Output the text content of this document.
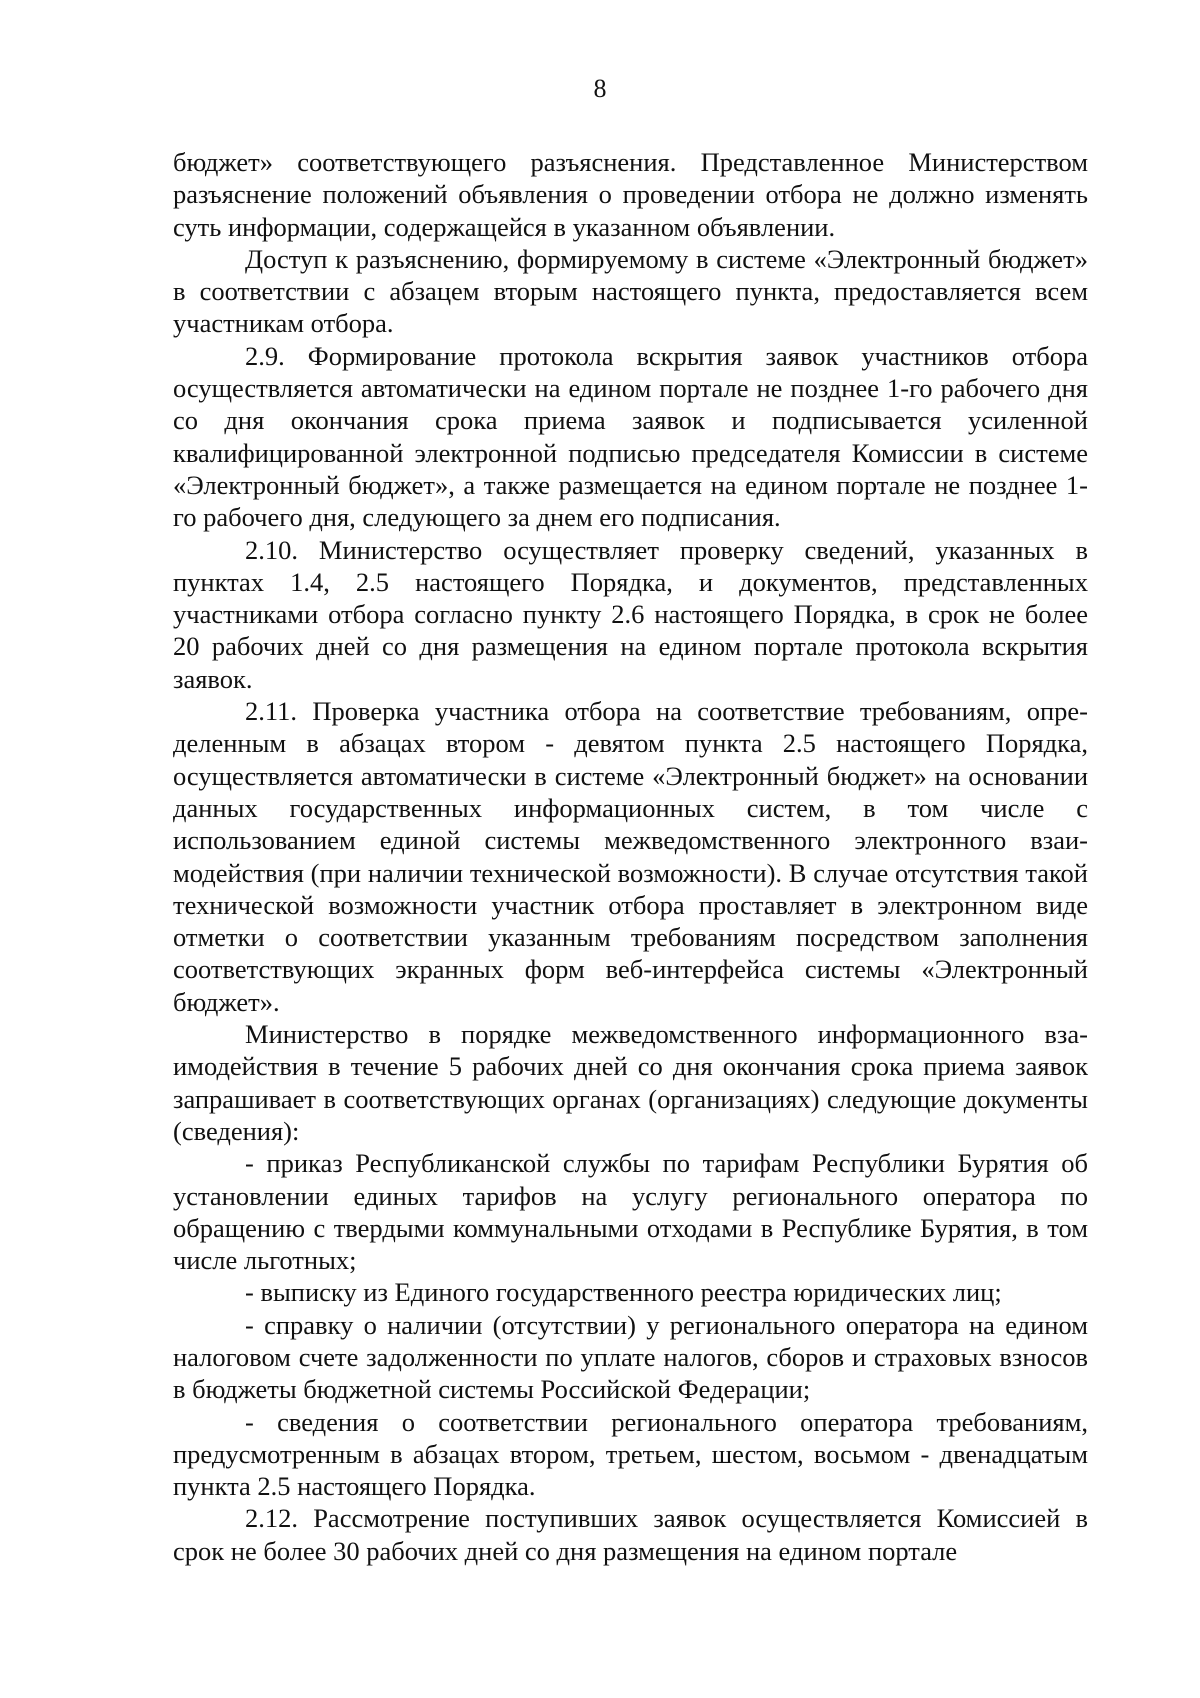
8

бюджет» соответствующего разъяснения. Представленное Министерством разъяснение положений объявления о проведении отбора не должно изменять суть информации, содержащейся в указанном объявлении.

Доступ к разъяснению, формируемому в системе «Электронный бюджет» в соответствии с абзацем вторым настоящего пункта, предоставляется всем участникам отбора.

2.9. Формирование протокола вскрытия заявок участников отбора осуществляется автоматически на едином портале не позднее 1-го рабочего дня со дня окончания срока приема заявок и подписывается усиленной квалифицированной электронной подписью председателя Комиссии в системе «Электронный бюджет», а также размещается на едином портале не позднее 1-го рабочего дня, следующего за днем его подписания.

2.10. Министерство осуществляет проверку сведений, указанных в пунктах 1.4, 2.5 настоящего Порядка, и документов, представленных участниками отбора согласно пункту 2.6 настоящего Порядка, в срок не более 20 рабочих дней со дня размещения на едином портале протокола вскрытия заявок.

2.11. Проверка участника отбора на соответствие требованиям, определенным в абзацах втором - девятом пункта 2.5 настоящего Порядка, осуществляется автоматически в системе «Электронный бюджет» на основании данных государственных информационных систем, в том числе с использованием единой системы межведомственного электронного взаимодействия (при наличии технической возможности). В случае отсутствия такой технической возможности участник отбора проставляет в электронном виде отметки о соответствии указанным требованиям посредством заполнения соответствующих экранных форм веб-интерфейса системы «Электронный бюджет».

Министерство в порядке межведомственного информационного взаимодействия в течение 5 рабочих дней со дня окончания срока приема заявок запрашивает в соответствующих органах (организациях) следующие документы (сведения):

- приказ Республиканской службы по тарифам Республики Бурятия об установлении единых тарифов на услугу регионального оператора по обращению с твердыми коммунальными отходами в Республике Бурятия, в том числе льготных;

- выписку из Единого государственного реестра юридических лиц;

- справку о наличии (отсутствии) у регионального оператора на едином налоговом счете задолженности по уплате налогов, сборов и страховых взносов в бюджеты бюджетной системы Российской Федерации;

- сведения о соответствии регионального оператора требованиям, предусмотренным в абзацах втором, третьем, шестом, восьмом - двенадцатым пункта 2.5 настоящего Порядка.

2.12. Рассмотрение поступивших заявок осуществляется Комиссией в срок не более 30 рабочих дней со дня размещения на едином портале
